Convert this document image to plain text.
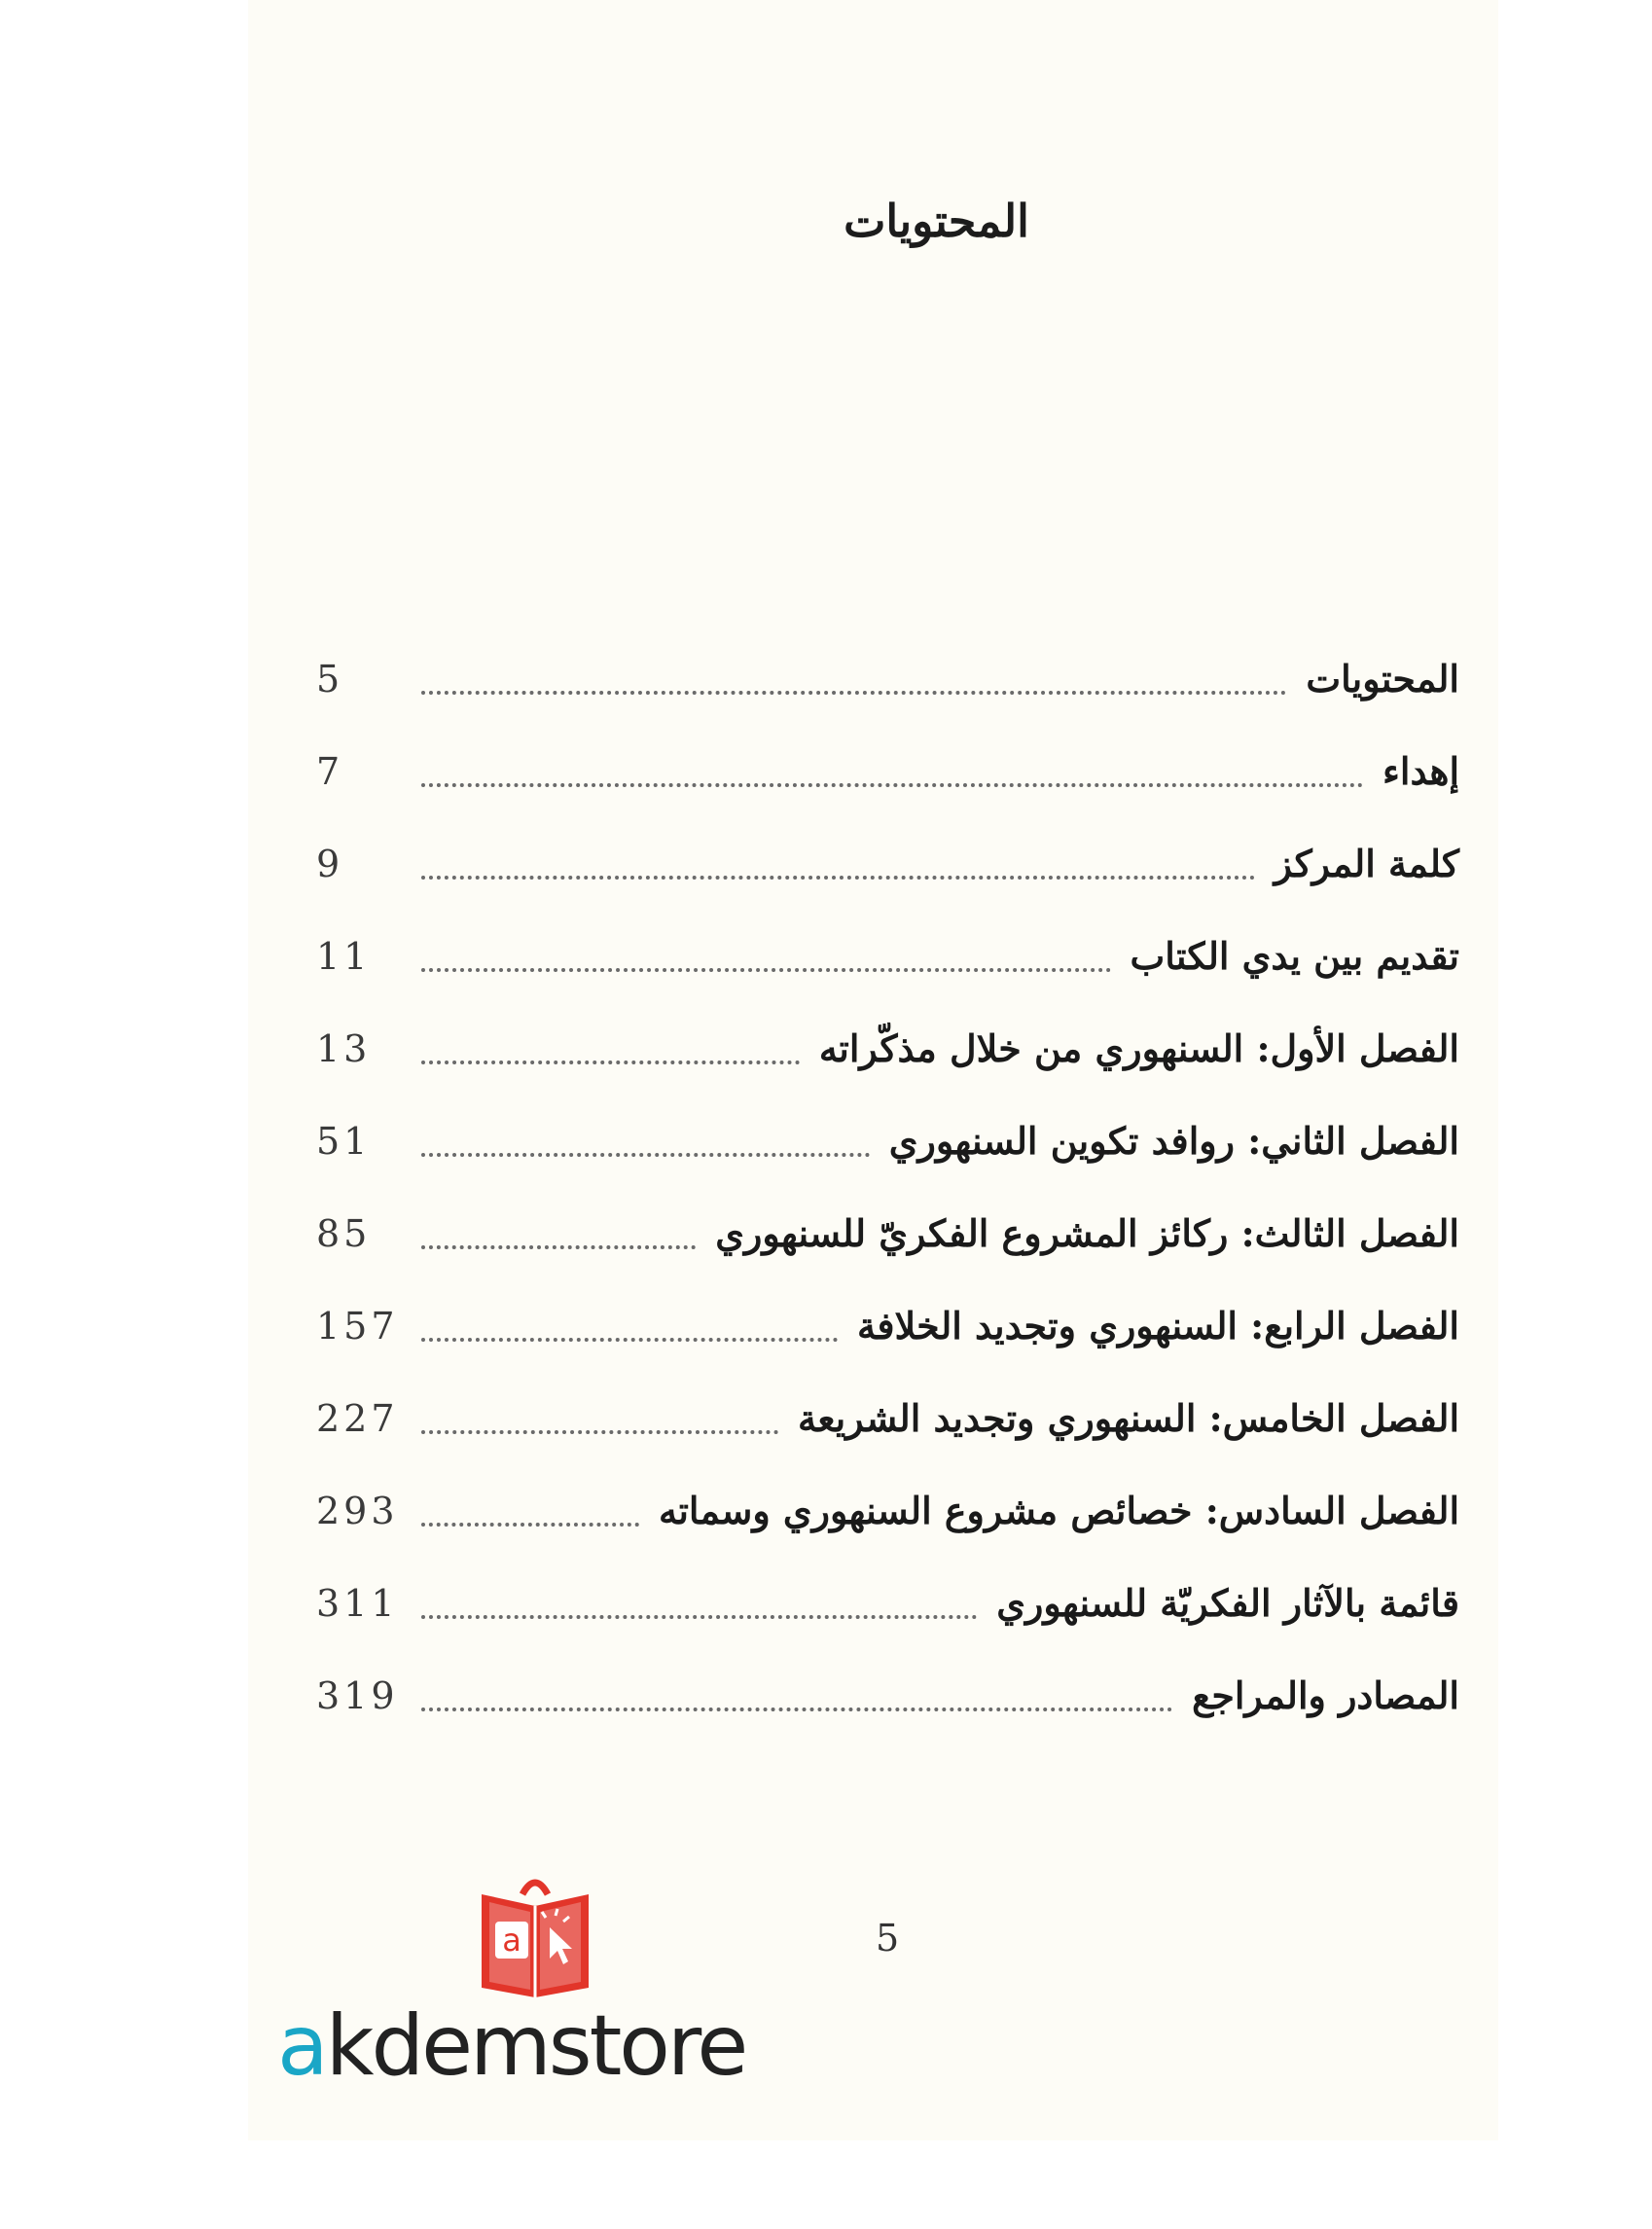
المحتويات
المحتويات
5
إهداء
7
كلمة المركز
9
تقديم بين يدي الكتاب
11
الفصل الأول: السنهوري من خلال مذكّراته
13
الفصل الثاني: روافد تكوين السنهوري
51
الفصل الثالث: ركائز المشروع الفكريّ للسنهوري
85
الفصل الرابع: السنهوري وتجديد الخلافة
157
الفصل الخامس: السنهوري وتجديد الشريعة
227
الفصل السادس: خصائص مشروع السنهوري وسماته
293
قائمة بالآثار الفكريّة للسنهوري
311
المصادر والمراجع
319
5
a
akdemstore
